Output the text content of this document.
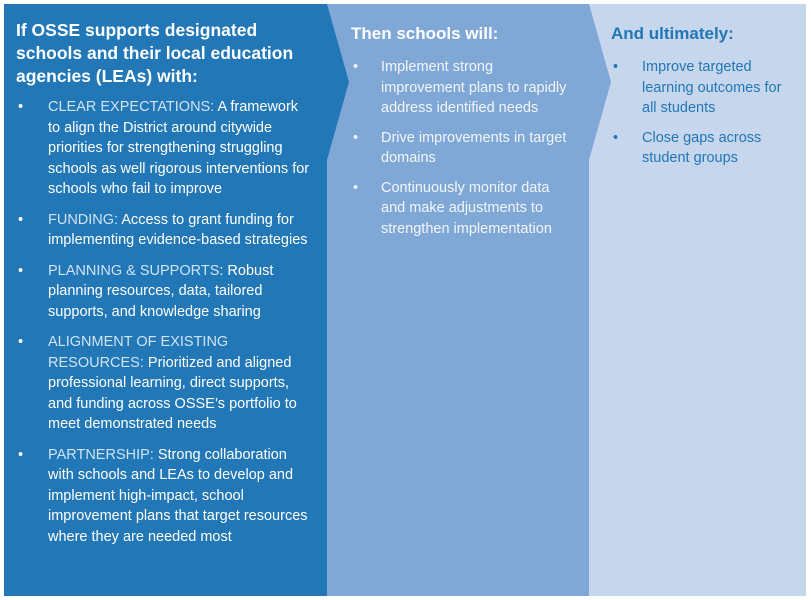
If OSSE supports designated schools and their local education agencies (LEAs) with:
• CLEAR EXPECTATIONS: A framework to align the District around citywide priorities for strengthening struggling schools as well rigorous interventions for schools who fail to improve
• FUNDING: Access to grant funding for implementing evidence-based strategies
• PLANNING & SUPPORTS: Robust planning resources, data, tailored supports, and knowledge sharing
• ALIGNMENT OF EXISTING RESOURCES: Prioritized and aligned professional learning, direct supports, and funding across OSSE’s portfolio to meet demonstrated needs
• PARTNERSHIP: Strong collaboration with schools and LEAs to develop and implement high-impact, school improvement plans that target resources where they are needed most
Then schools will:
• Implement strong improvement plans to rapidly address identified needs
• Drive improvements in target domains
• Continuously monitor data and make adjustments to strengthen implementation
And ultimately:
• Improve targeted learning outcomes for all students
• Close gaps across student groups
